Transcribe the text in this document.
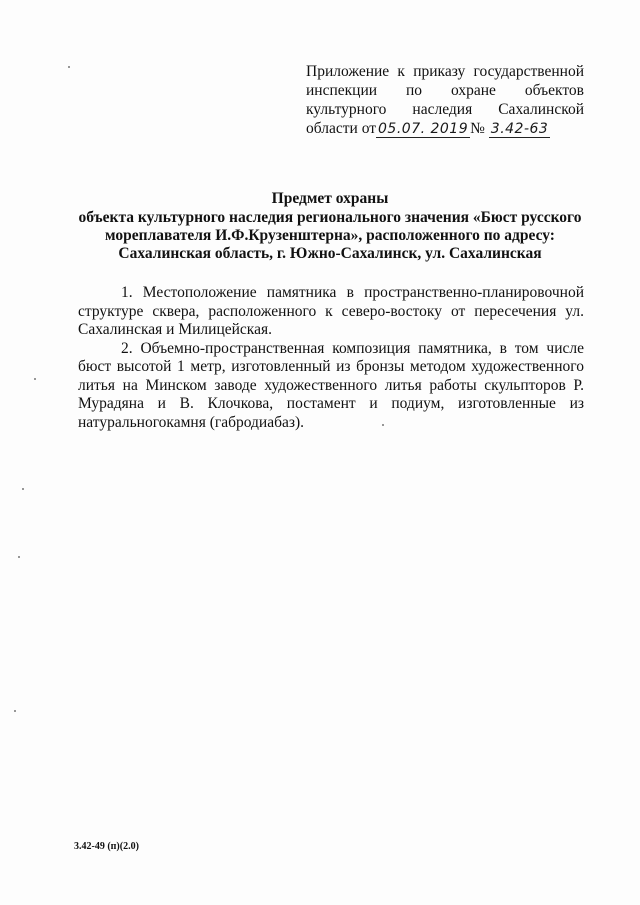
Приложение к приказу государственной
инспекции по охране объектов
культурного наследия Сахалинской
области от 05.07. 2019 № 3.42-63
Предмет охраны
объекта культурного наследия регионального значения «Бюст русского
мореплавателя И.Ф.Крузенштерна», расположенного по адресу:
Сахалинская область, г. Южно-Сахалинск, ул. Сахалинская

1. Местоположение памятника в пространственно-планировочной структуре сквера, расположенного к северо-востоку от пересечения ул. Сахалинская и Милицейская.

2. Объемно-пространственная композиция памятника, в том числе бюст высотой 1 метр, изготовленный из бронзы методом художественного литья на Минском заводе художественного литья работы скульпторов Р. Мурадяна и В. Клочкова, постамент и подиум, изготовленные из натуральногокамня (габродиабаз).

3.42-49 (п)(2.0)
